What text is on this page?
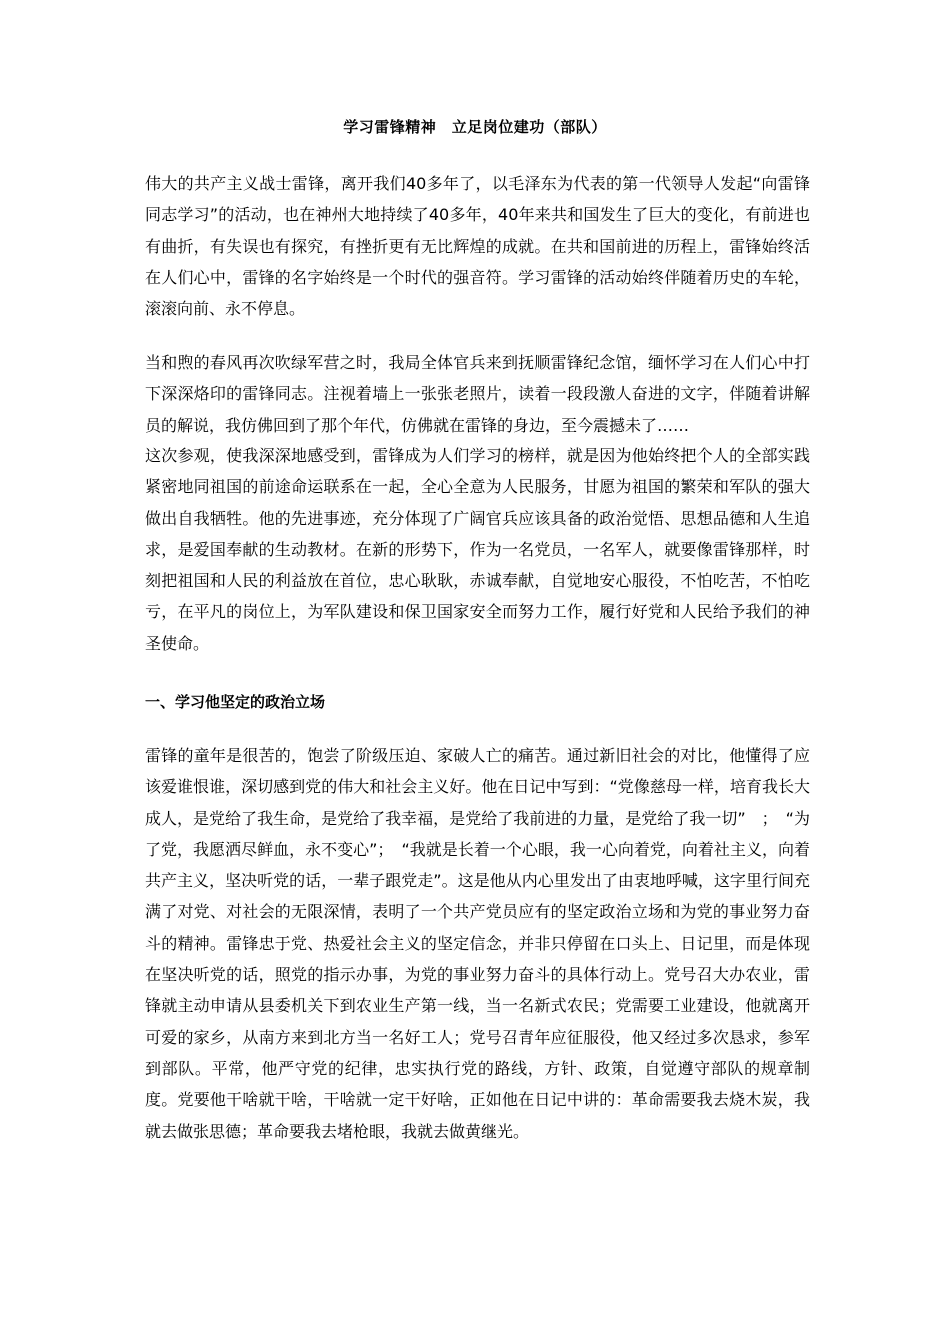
学习雷锋精神　立足岗位建功（部队）

伟大的共产主义战士雷锋，离开我们40多年了，以毛泽东为代表的第一代领导人发起“向雷锋同志学习”的活动，也在神州大地持续了40多年，40年来共和国发生了巨大的变化，有前进也有曲折，有失误也有探究，有挫折更有无比辉煌的成就。在共和国前进的历程上，雷锋始终活在人们心中，雷锋的名字始终是一个时代的强音符。学习雷锋的活动始终伴随着历史的车轮，滚滚向前、永不停息。

当和煦的春风再次吹绿军营之时，我局全体官兵来到抚顺雷锋纪念馆，缅怀学习在人们心中打下深深烙印的雷锋同志。注视着墙上一张张老照片，读着一段段激人奋进的文字，伴随着讲解员的解说，我仿佛回到了那个年代，仿佛就在雷锋的身边，至今震撼未了……

这次参观，使我深深地感受到，雷锋成为人们学习的榜样，就是因为他始终把个人的全部实践紧密地同祖国的前途命运联系在一起，全心全意为人民服务，甘愿为祖国的繁荣和军队的强大做出自我牺牲。他的先进事迹，充分体现了广阔官兵应该具备的政治觉悟、思想品德和人生追求，是爱国奉献的生动教材。在新的形势下，作为一名党员，一名军人，就要像雷锋那样，时刻把祖国和人民的利益放在首位，忠心耿耿，赤诚奉献，自觉地安心服役，不怕吃苦，不怕吃亏，在平凡的岗位上，为军队建设和保卫国家安全而努力工作，履行好党和人民给予我们的神圣使命。

一、学习他坚定的政治立场

雷锋的童年是很苦的，饱尝了阶级压迫、家破人亡的痛苦。通过新旧社会的对比，他懂得了应该爱谁恨谁，深切感到党的伟大和社会主义好。他在日记中写到：“党像慈母一样，培育我长大成人，是党给了我生命，是党给了我幸福，是党给了我前进的力量，是党给了我一切”　；　“为了党，我愿洒尽鲜血，永不变心”；　“我就是长着一个心眼，我一心向着党，向着社主义，向着共产主义，坚决听党的话，一辈子跟党走”。这是他从内心里发出了由衷地呼喊，这字里行间充满了对党、对社会的无限深情，表明了一个共产党员应有的坚定政治立场和为党的事业努力奋斗的精神。雷锋忠于党、热爱社会主义的坚定信念，并非只停留在口头上、日记里，而是体现在坚决听党的话，照党的指示办事，为党的事业努力奋斗的具体行动上。党号召大办农业，雷锋就主动申请从县委机关下到农业生产第一线，当一名新式农民；党需要工业建设，他就离开可爱的家乡，从南方来到北方当一名好工人；党号召青年应征服役，他又经过多次恳求，参军到部队。平常，他严守党的纪律，忠实执行党的路线，方针、政策，自觉遵守部队的规章制度。党要他干啥就干啥，干啥就一定干好啥，正如他在日记中讲的：革命需要我去烧木炭，我就去做张思德；革命要我去堵枪眼，我就去做黄继光。
